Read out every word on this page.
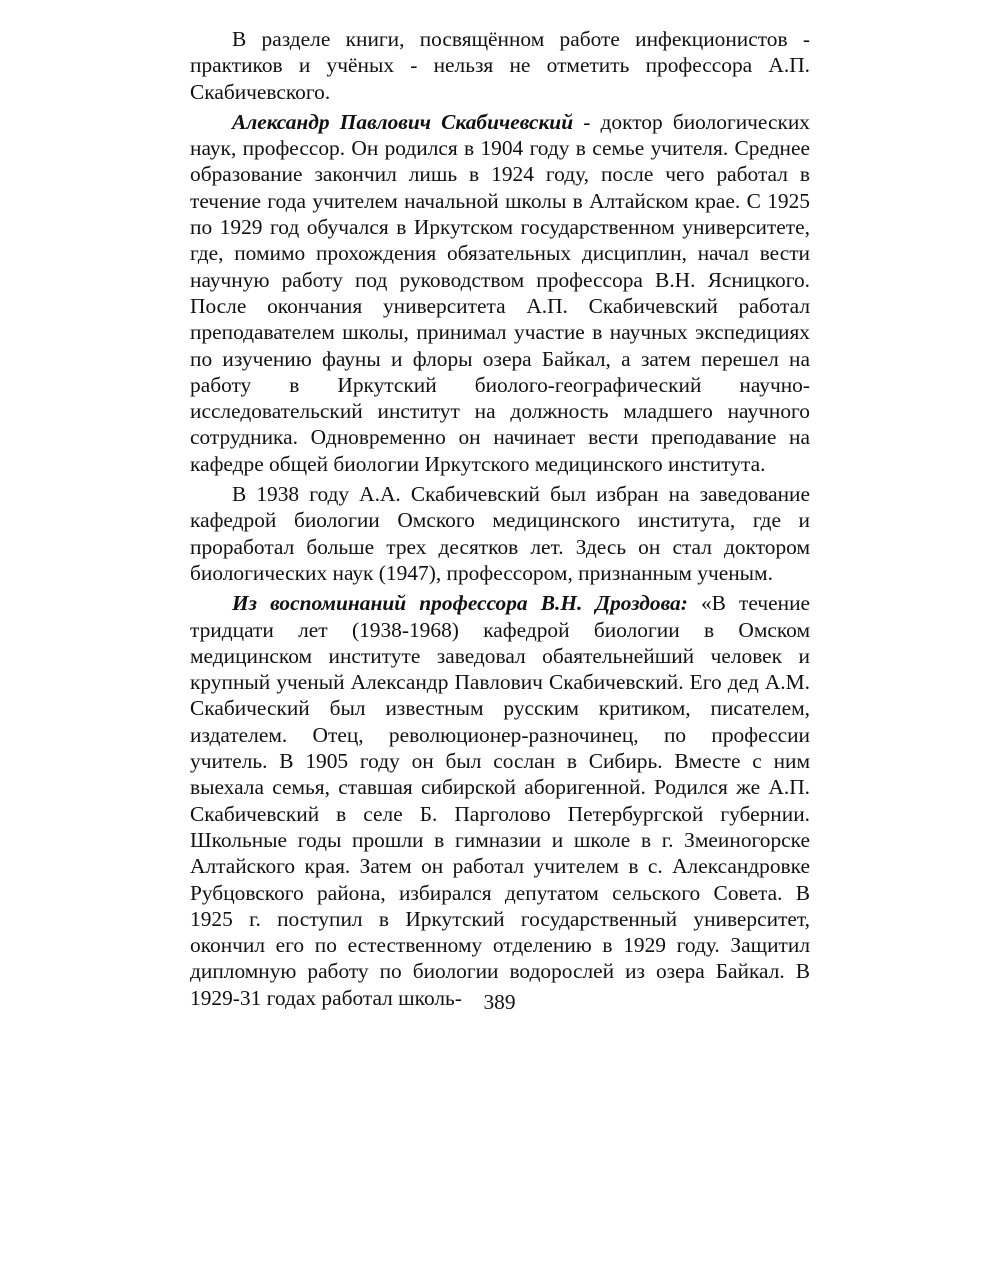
В разделе книги, посвящённом работе инфекционистов - практиков и учёных - нельзя не отметить профессора А.П. Скабичевского.

Александр Павлович Скабичевский - доктор биологических наук, профессор. Он родился в 1904 году в семье учителя. Среднее образование закончил лишь в 1924 году, после чего работал в течение года учителем начальной школы в Алтайском крае. С 1925 по 1929 год обучался в Иркутском государственном университете, где, помимо прохождения обязательных дисциплин, начал вести научную работу под руководством профессора В.Н. Ясницкого. После окончания университета А.П. Скабичевский работал преподавателем школы, принимал участие в научных экспедициях по изучению фауны и флоры озера Байкал, а затем перешел на работу в Иркутский биолого-географический научно-исследовательский институт на должность младшего научного сотрудника. Одновременно он начинает вести преподавание на кафедре общей биологии Иркутского медицинского института.

В 1938 году А.А. Скабичевский был избран на заведование кафедрой биологии Омского медицинского института, где и проработал больше трех десятков лет. Здесь он стал доктором биологических наук (1947), профессором, признанным ученым.

Из воспоминаний профессора В.Н. Дроздова: «В течение тридцати лет (1938-1968) кафедрой биологии в Омском медицинском институте заведовал обаятельнейший человек и крупный ученый Александр Павлович Скабичевский. Его дед А.М. Скабический был известным русским критиком, писателем, издателем. Отец, революционер-разночинец, по профессии учитель. В 1905 году он был сослан в Сибирь. Вместе с ним выехала семья, ставшая сибирской аборигенной. Родился же А.П. Скабичевский в селе Б. Парголово Петербургской губернии. Школьные годы прошли в гимназии и школе в г. Змеиногорске Алтайского края. Затем он работал учителем в с. Александровке Рубцовского района, избирался депутатом сельского Совета. В 1925 г. поступил в Иркутский государственный университет, окончил его по естественному отделению в 1929 году. Защитил дипломную работу по биологии водорослей из озера Байкал. В 1929-31 годах работал школь-	389
